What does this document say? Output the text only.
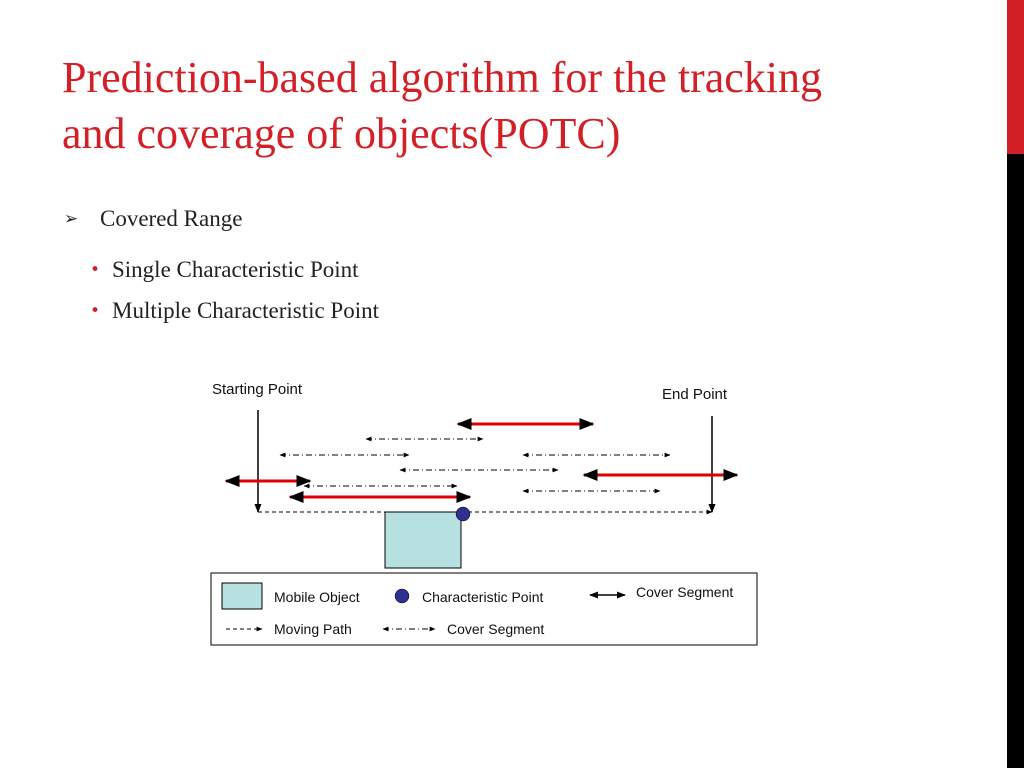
Prediction-based algorithm for the tracking
and coverage of objects(POTC)
➢ Covered Range
• Single Characteristic Point
• Multiple Characteristic Point
Starting Point	End Point
Mobile Object	Characteristic Point	Cover Segment
Moving Path	Cover Segment
